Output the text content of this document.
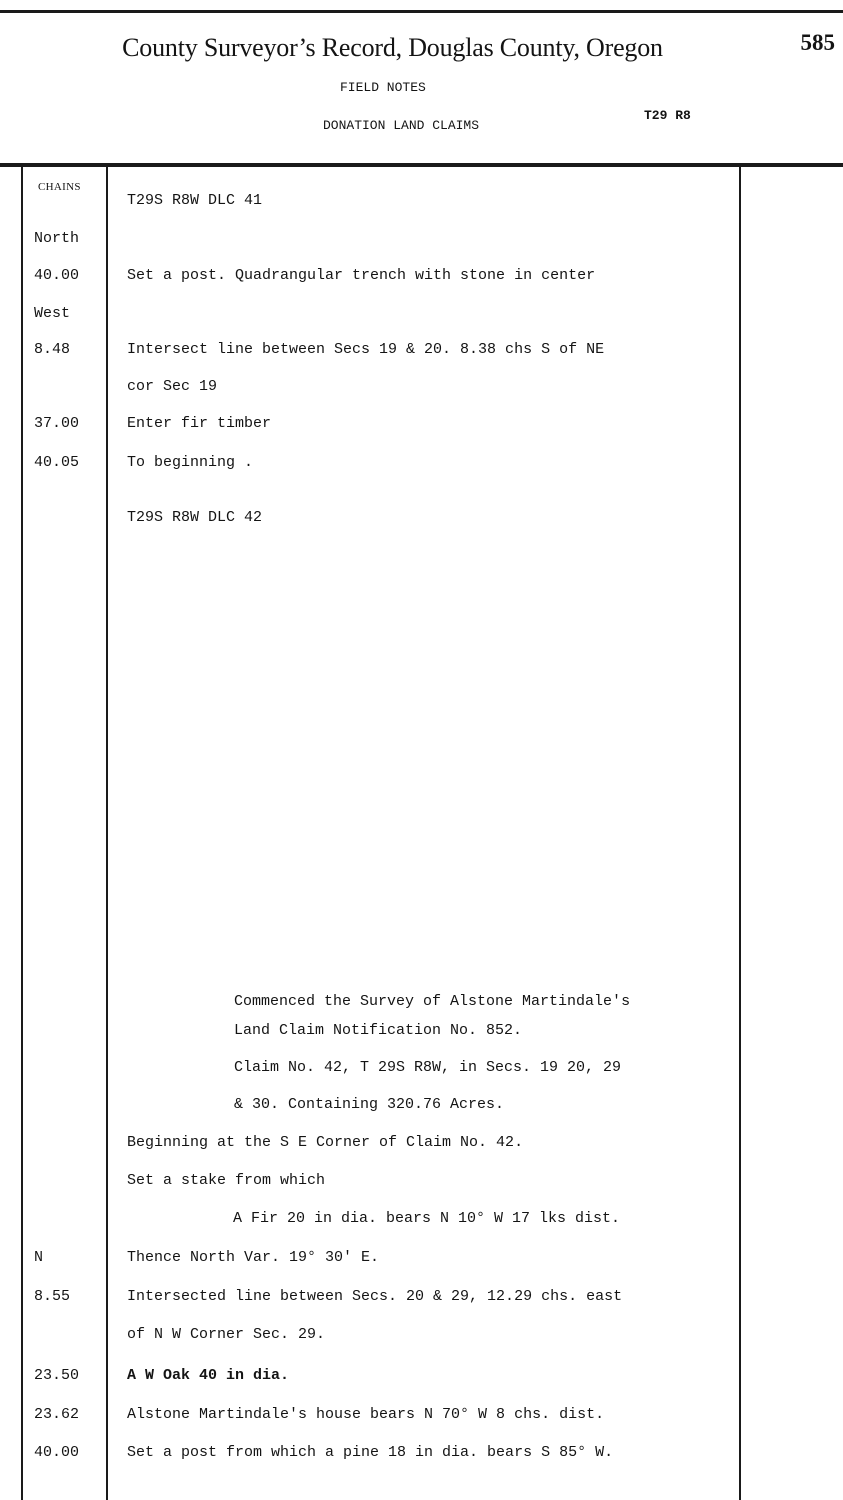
County Surveyor’s Record, Douglas County, Oregon	585
FIELD NOTES
DONATION LAND CLAIMS
T29 R8
CHAINS
T29S R8W DLC 41
North
40.00	Set a post. Quadrangular trench with stone in center
West
8.48	Intersect line between Secs 19 & 20. 8.38 chs S of NE
cor Sec 19
37.00	Enter fir timber
40.05	To beginning .
T29S R8W DLC 42
Commenced the Survey of Alstone Martindale's
Land Claim Notification No. 852.
Claim No. 42, T 29S R8W, in Secs. 19 20, 29
& 30. Containing 320.76 Acres.
Beginning at the S E Corner of Claim No. 42.
Set a stake from which
A Fir 20 in dia. bears N 10° W 17 lks dist.
N	Thence North Var. 19° 30' E.
8.55	Intersected line between Secs. 20 & 29, 12.29 chs. east
of N W Corner Sec. 29.
23.50	A W Oak 40 in dia.
23.62	Alstone Martindale's house bears N 70° W 8 chs. dist.
40.00	Set a post from which a pine 18 in dia. bears S 85° W.
